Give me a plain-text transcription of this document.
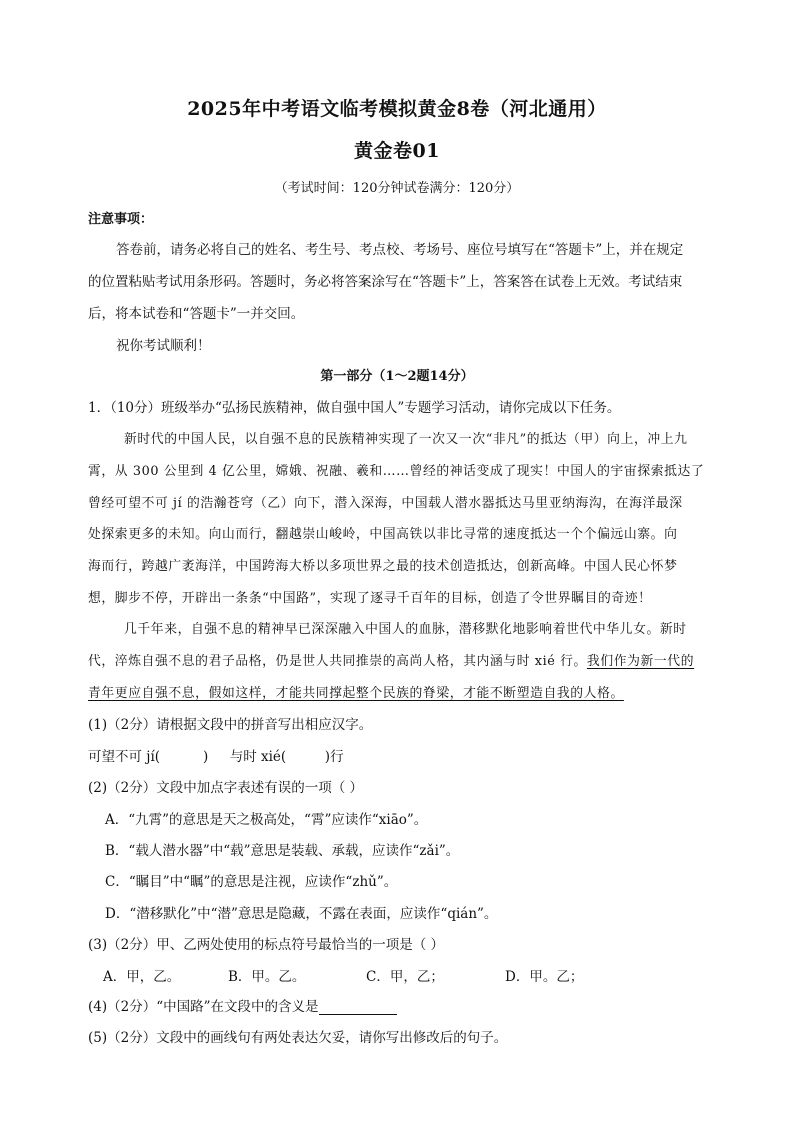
2025年中考语文临考模拟黄金8卷（河北通用）
黄金卷01
（考试时间：120分钟试卷满分：120分）
注意事项：
答卷前，请务必将自己的姓名、考生号、考点校、考场号、座位号填写在“答题卡”上，并在规定
的位置粘贴考试用条形码。答题时，务必将答案涂写在“答题卡”上，答案答在试卷上无效。考试结束
后，将本试卷和“答题卡”一并交回。
祝你考试顺利！
第一部分（1～2题14分）
1．（10分）班级举办“弘扬民族精神，做自强中国人”专题学习活动，请你完成以下任务。
新时代的中国人民，以自强不息的民族精神实现了一次又一次“非凡”的抵达（甲）向上，冲上九
霄，从 300 公里到 4 亿公里，嫦娥、祝融、羲和……曾经的神话变成了现实！中国人的宇宙探索抵达了
曾经可望不可 jí 的浩瀚苍穹（乙）向下，潜入深海，中国载人潜水器抵达马里亚纳海沟，在海洋最深
处探索更多的未知。向山而行，翻越崇山峻岭，中国高铁以非比寻常的速度抵达一个个偏远山寨。向
海而行，跨越广袤海洋，中国跨海大桥以多项世界之最的技术创造抵达，创新高峰。中国人民心怀梦
想，脚步不停，开辟出一条条“中国路”，实现了逐寻千百年的目标，创造了令世界瞩目的奇迹！
几千年来，自强不息的精神早已深深融入中国人的血脉，潜移默化地影响着世代中华儿女。新时
代，淬炼自强不息的君子品格，仍是世人共同推崇的高尚人格，其内涵与时 xié 行。我们作为新一代的
青年更应自强不息，假如这样，才能共同撑起整个民族的脊梁，才能不断塑造自我的人格。
(1)（2分）请根据文段中的拼音写出相应汉字。
可望不可 jí(          )     与时 xié(         )行
(2)（2分）文段中加点字表述有误的一项（ ）
A．“九霄”的意思是天之极高处，“霄”应读作“xiāo”。
B．“载人潜水器”中“载”意思是装载、承载，应读作“zǎi”。
C．“瞩目”中“瞩”的意思是注视，应读作“zhǔ”。
D．“潜移默化”中“潜”意思是隐藏，不露在表面，应读作“qián”。
(3)（2分）甲、乙两处使用的标点符号最恰当的一项是（ ）
A．甲，乙。	B．甲。乙。	C．甲，乙；	D．甲。乙；
(4)（2分）“中国路”在文段中的含义是
(5)（2分）文段中的画线句有两处表达欠妥，请你写出修改后的句子。
